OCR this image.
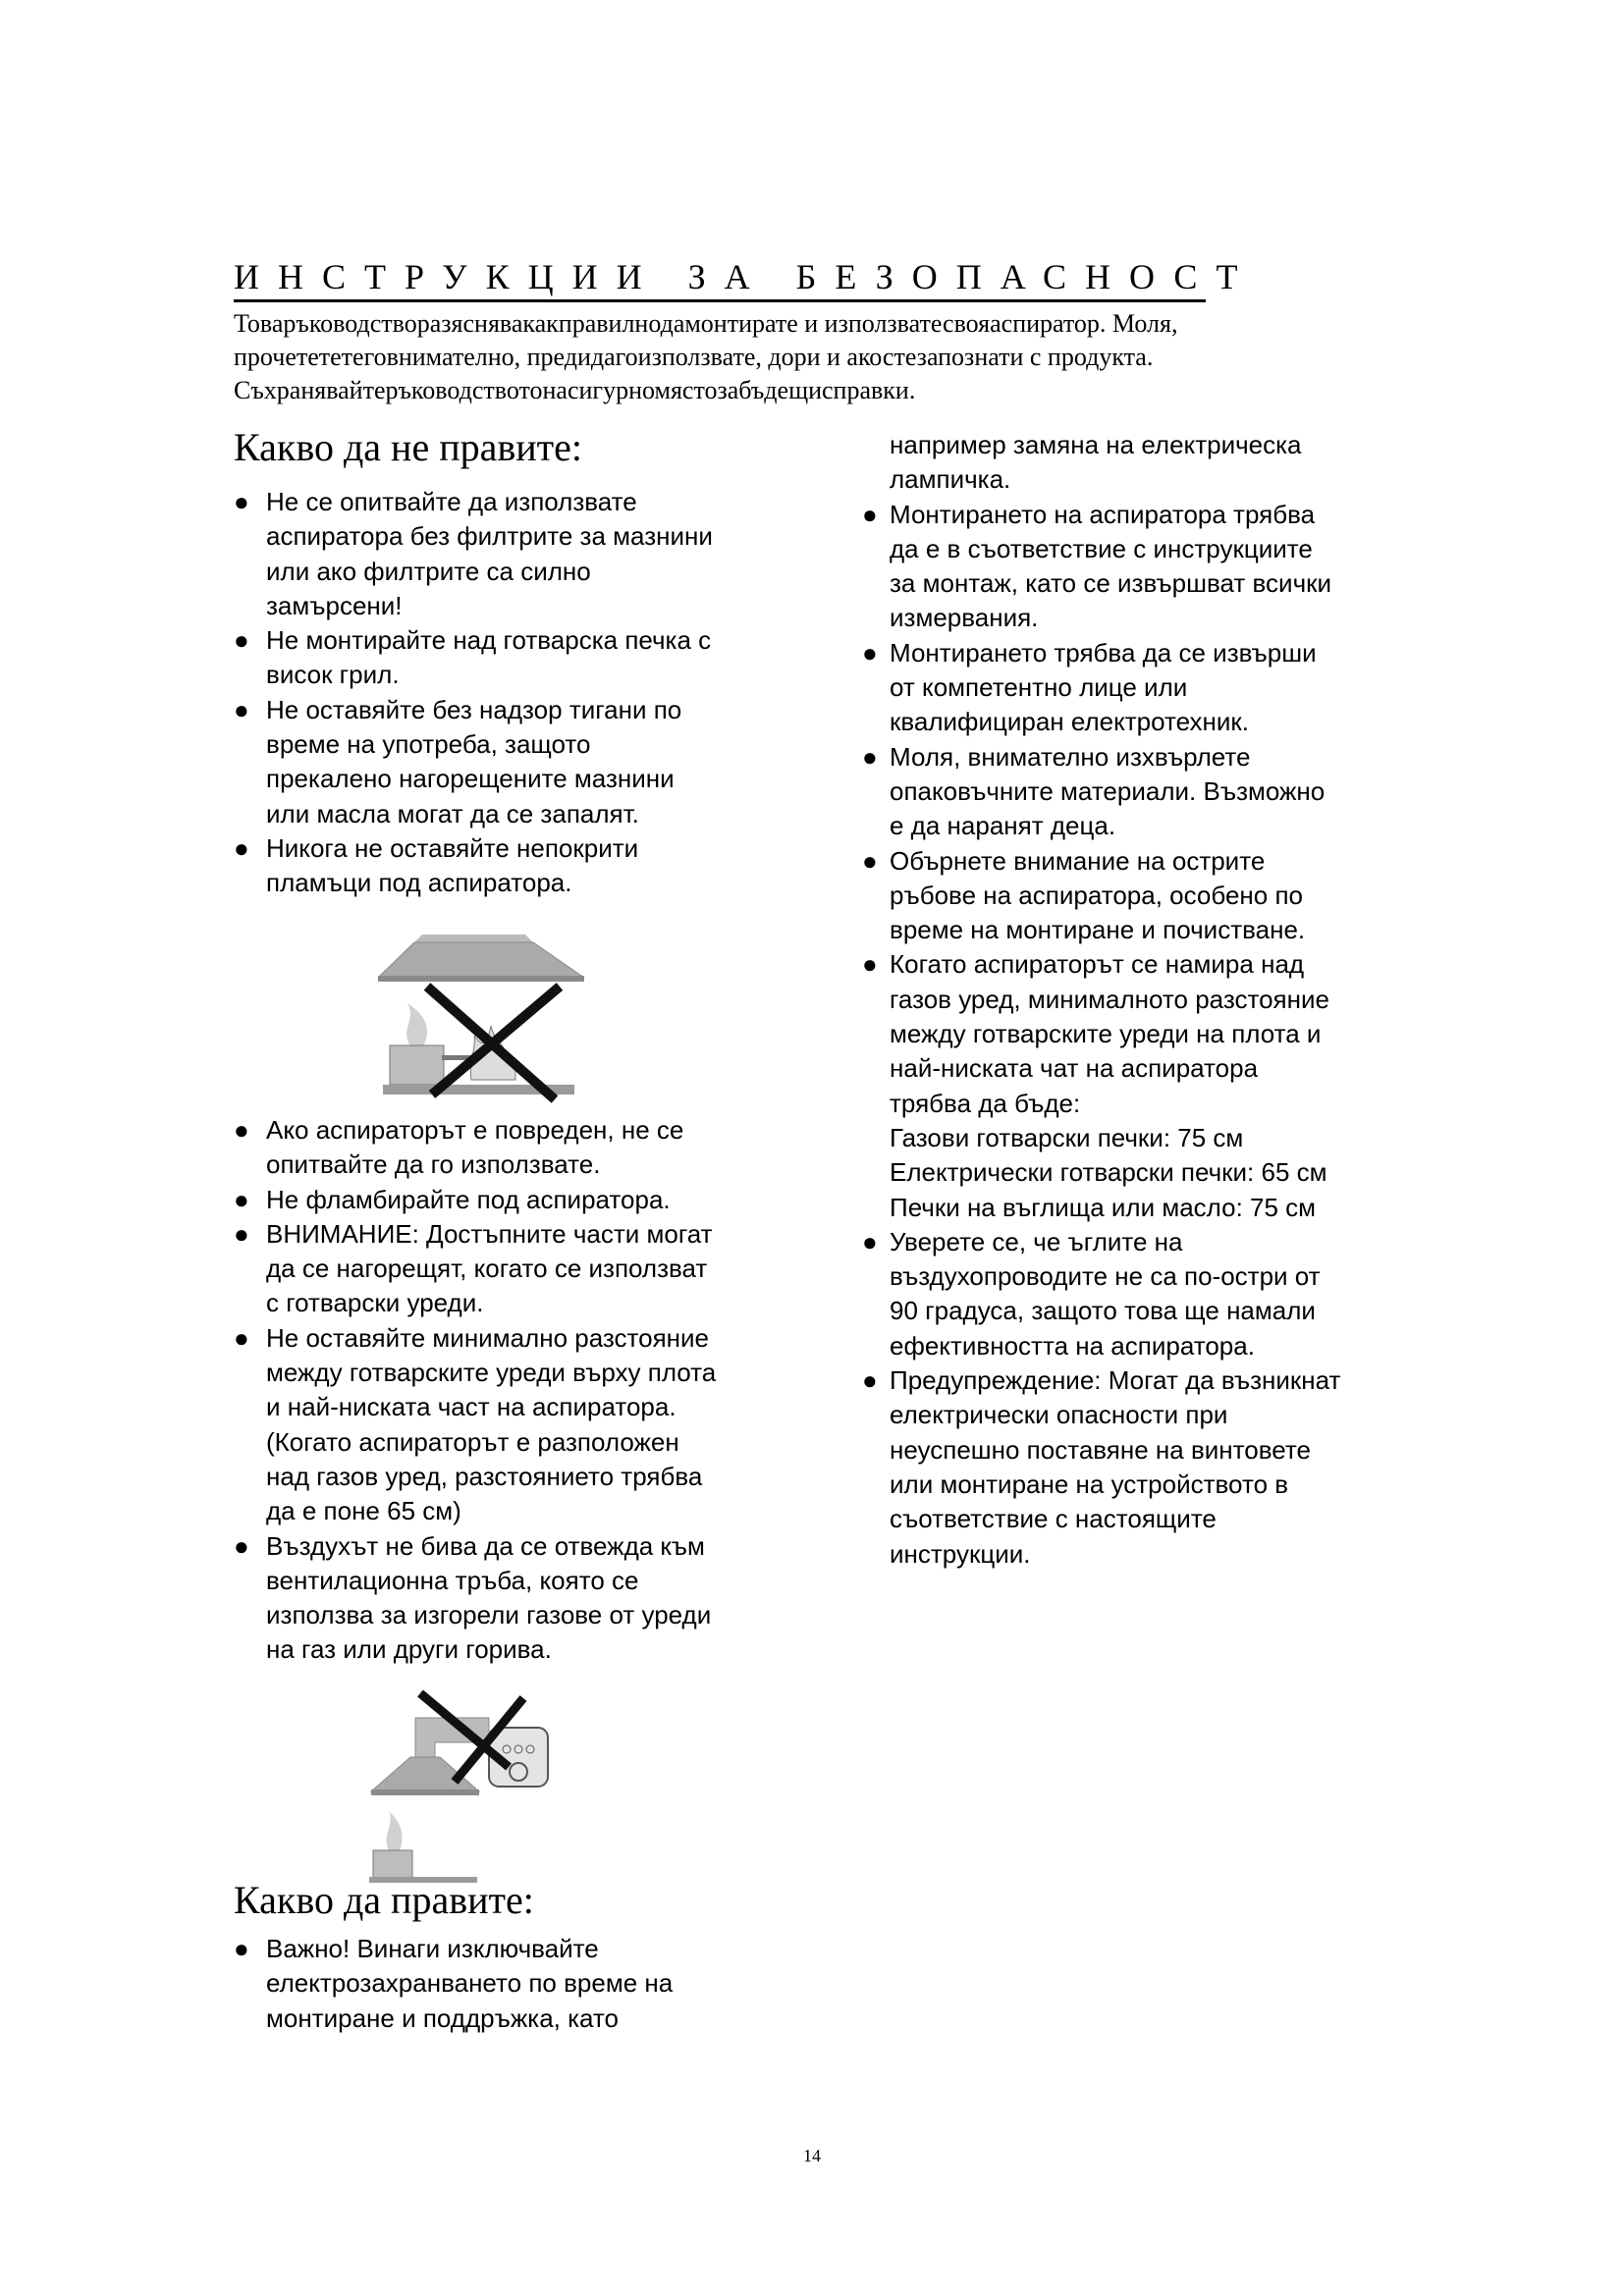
ИНСТРУКЦИИ ЗА БЕЗОПАСНОСТ
Товаръководстворазяснявакакправилнодамонтирате и използватесвояаспиратор. Моля,
прочетететеговнимателно, предидагоизползвате, дори и акостезапознати с продукта.
Съхранявайтеръководствотонасигурномястозабъдещисправки.
Какво да не правите:
● Не се опитвайте да използвате
аспиратора без филтрите за мазнини
или ако филтрите са силно
замърсени!
● Не монтирайте над готварска печка с
висок грил.
● Не оставяйте без надзор тигани по
време на употреба, защото
прекалено нагорещените мазнини
или масла могат да се запалят.
● Никога не оставяйте непокрити
пламъци под аспиратора.
● Ако аспираторът е повреден, не се
опитвайте да го използвате.
● Не фламбирайте под аспиратора.
● ВНИМАНИЕ: Достъпните части могат
да се нагорещят, когато се използват
с готварски уреди.
● Не оставяйте минимално разстояние
между готварските уреди върху плота
и най-ниската част на аспиратора.
(Когато аспираторът е разположен
над газов уред, разстоянието трябва
да е поне 65 см)
● Въздухът не бива да се отвежда към
вентилационна тръба, която се
използва за изгорели газове от уреди
на газ или други горива.
Какво да правите:
● Важно! Винаги изключвайте
електрозахранването по време на
монтиране и поддръжка, като
например замяна на електрическа
лампичка.
● Монтирането на аспиратора трябва
да е в съответствие с инструкциите
за монтаж, като се извършват всички
измервания.
● Монтирането трябва да се извърши
от компетентно лице или
квалифициран електротехник.
● Моля, внимателно изхвърлете
опаковъчните материали. Възможно
е да наранят деца.
● Обърнете внимание на острите
ръбове на аспиратора, особено по
време на монтиране и почистване.
● Когато аспираторът се намира над
газов уред, минималното разстояние
между готварските уреди на плота и
най-ниската чат на аспиратора
трябва да бъде:
Газови готварски печки: 75 см
Електрически готварски печки: 65 см
Печки на въглища или масло: 75 см
● Уверете се, че ъглите на
въздухопроводите не са по-остри от
90 градуса, защото това ще намали
ефективността на аспиратора.
● Предупреждение: Могат да възникнат
електрически опасности при
неуспешно поставяне на винтовете
или монтиране на устройството в
съответствие с настоящите
инструкции.
14
